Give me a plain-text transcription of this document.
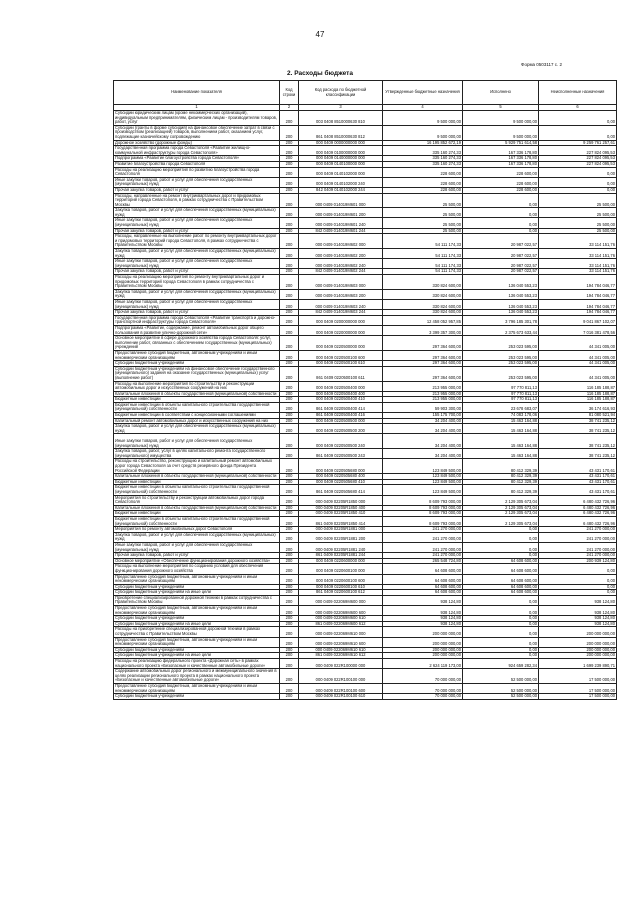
47
Форма 0503117 с. 2
2. Расходы бюджета
Наименование показателя	Код строки	Код расхода по бюджетной классификации	Утвержденные бюджетные назначения	Исполнено	Неисполненные назначения
1	2	3	4	5	6
Субсидии юридическим лицам (кроме некоммерческих организаций), индивидуальным предпринимателям, физическим лицам - производителям товаров, работ, услуг	200	003 0408 8510000630 810	9 500 000,00	9 500 000,00	0,00
Субсидии (гранты в форме субсидий) на финансовое обеспечение затрат в связи с производством (реализацией) товаров, выполнением работ, оказанием услуг, подлежащие казначейскому сопровождению	200	861 0408 8510000630 812	9 500 000,00	9 500 000,00	0,00
Дорожное хозяйство (дорожные фонды)	200	000 0409 0000000000 000	16 195 852 672,19	5 929 751 614,58	9 259 761 257,61
Государственная программа города Севастополя «Развитие жилищно-коммунальной инфраструктуры города Севастополя»	200	000 0409 0100000000 000	335 160 274,33	167 336 178,80	227 824 095,53
Подпрограмма «Развитие благоустройства города Севастополя»	200	000 0409 0140000000 000	335 160 274,33	167 336 178,80	227 824 095,53
Развитие благоустройства города Севастополя	200	000 0409 0140100000 000	335 160 274,33	167 336 178,80	227 824 095,53
Расходы на реализацию мероприятий по развитию благоустройства города Севастополя	200	000 0409 0140102000 000	228 600,00	228 600,00	0,00
Иные закупки товаров, работ и услуг для обеспечения государственных (муниципальных) нужд	200	000 0409 0140102000 240	228 600,00	228 600,00	0,00
Прочая закупка товаров, работ и услуг	200	842 0409 0140102000 244	228 600,00	228 600,00	0,00
Расходы, направленные на ремонт внутриквартальных дорог и придомовых территорий города Севастополя, в рамках сотрудничества с Правительством Москвы	200	000 0409 014019М601 000	25 500,00	0,00	25 500,00
Закупка товаров, работ и услуг для обеспечения государственных (муниципальных) нужд	200	000 0409 014019М601 200	25 500,00	0,00	25 500,00
Иные закупки товаров, работ и услуг для обеспечения государственных (муниципальных) нужд	200	000 0409 014019М601 240	25 500,00	0,00	25 500,00
Прочая закупка товаров, работ и услуг	200	842 0409 014019М601 244	25 500,00	0,00	25 500,00
Расходы, направленные на выполнение работ по ремонту внутриквартальных дорог и придомовых территорий города Севастополя, в рамках сотрудничества с Правительством Москвы	200	000 0409 014019М602 000	54 111 174,33	20 987 022,57	33 114 151,76
Закупка товаров, работ и услуг для обеспечения государственных (муниципальных) нужд	200	000 0409 014019М602 200	54 111 174,33	20 987 022,57	33 114 151,76
Иные закупки товаров, работ и услуг для обеспечения государственных (муниципальных) нужд	200	000 0409 014019М602 240	54 111 174,33	20 987 022,57	33 114 151,76
Прочая закупка товаров, работ и услуг	200	842 0409 014019М602 244	54 111 174,33	20 987 022,57	33 114 151,76
Расходы на реализацию мероприятий по ремонту внутриквартальных дорог и придомовых территорий города Севастополя в рамках сотрудничества с Правительством Москвы	200	000 0409 014019М603 000	330 824 600,00	136 040 553,23	194 784 046,77
Закупка товаров, работ и услуг для обеспечения государственных (муниципальных) нужд	200	000 0409 014019М603 200	330 824 600,00	136 040 553,23	194 784 046,77
Иные закупки товаров, работ и услуг для обеспечения государственных (муниципальных) нужд	200	000 0409 014019М603 240	330 824 600,00	136 040 553,23	194 784 046,77
Прочая закупка товаров, работ и услуг	200	842 0409 014019М603 244	330 824 600,00	136 040 553,23	194 784 046,77
Государственная программа города Севастополя «Развитие транспорта и дорожно-транспортной инфраструктуры города Севастополя»	200	000 0409 0200000000 000	12 458 052 957,85	3 796 185 301,78	9 041 867 102,07
Подпрограмма «Развитие, содержание, ремонт автомобильных дорог общего пользования в развитие улично-дорожной сети»	200	000 0409 0220000000 000	3 399 357 300,00	2 375 673 633,44	7 016 381 478,56
Основное мероприятие в сфере дорожного хозяйства города Севастополя: услуг, выполнение работ, связанных с обеспечением государственных (муниципальных) учреждений	200	000 0409 0220500000 000	297 364 600,00	253 023 595,00	44 341 005,00
Предоставление субсидий бюджетным, автономным учреждениям и иным некоммерческим организациям	200	000 0409 0220500100 600	297 364 600,00	253 023 595,00	44 341 005,00
Субсидии бюджетным учреждениям	200	000 0409 0220500100 610	297 364 600,00	253 023 595,00	44 341 005,00
Субсидии бюджетным учреждениям на финансовое обеспечение государственного (муниципального) задания на оказание государственных (муниципальных) услуг (выполнение работ)	200	861 0409 0220500100 611	297 364 600,00	253 023 595,00	44 341 005,00
Расходы на выполнение мероприятий по строительству и реконструкции автомобильных дорог и искусственных сооружений на них	200	000 0409 0220500400 000	213 955 000,00	97 770 811,13	116 185 188,87
Капитальные вложения в объекты государственной (муниципальной) собственности	200	000 0409 0220500400 400	213 955 000,00	97 770 811,13	116 185 188,87
Бюджетные инвестиции	200	000 0409 0220500400 410	213 955 000,00	97 770 811,13	116 185 188,87
Бюджетные инвестиции в объекты капитального строительства государственной (муниципальной) собственности	200	861 0409 0220500400 414	59 903 300,00	23 678 683,07	36 174 616,93
Бюджетные инвестиции в соответствии с концессионными соглашениями	200	861 0409 0220500400 416	155 175 700,00	74 083 178,06	81 080 521,94
Капитальный ремонт автомобильных дорог и искусственных сооружений на них	200	000 0409 0220500500 000	34 204 400,00	15 463 164,88	38 741 235,12
Закупка товаров, работ и услуг для обеспечения государственных (муниципальных) нужд	200	000 0409 0220500500 200	34 204 400,00	15 463 164,88	38 741 235,12
Иные закупки товаров, работ и услуг для обеспечения государственных (муниципальных) нужд	200	000 0409 0220500500 240	34 204 400,00	15 463 164,88	38 741 235,12
Закупка товаров, работ, услуг в целях капитального ремонта государственного (муниципального) имущества	200	861 0409 0220500500 243	34 204 400,00	15 463 164,88	38 741 235,12
Расходы на строительство, реконструкцию и капитальный ремонт автомобильных дорог города Севастополя за счет средств резервного фонда Президента Российской Федерации	200	000 0409 0220505680 000	123 849 500,00	80 412 329,39	43 431 170,61
Капитальные вложения в объекты государственной (муниципальной) собственности	200	000 0409 0220505680 400	123 849 500,00	80 412 329,39	43 431 170,61
Бюджетные инвестиции	200	000 0409 0220505680 410	123 849 500,00	80 412 329,39	43 431 170,61
Бюджетные инвестиции в объекты капитального строительства государственной (муниципальной) собственности	200	861 0409 0220505680 414	123 849 500,00	80 412 329,39	43 431 170,61
Мероприятия по строительству и реконструкции автомобильных дорог города Севастополя	200	000 0409 02205R1850 000	8 609 793 000,00	2 129 305 673,04	6 480 432 726,96
Капитальные вложения в объекты государственной (муниципальной) собственности	200	000 0409 02205R1850 400	8 609 793 000,00	2 129 305 673,04	6 480 432 726,96
Бюджетные инвестиции	200	000 0409 02205R1850 410	8 609 793 000,00	2 129 305 673,04	6 480 432 726,96
Бюджетные инвестиции в объекты капитального строительства государственной (муниципальной) собственности	200	861 0409 02205R1850 414	8 609 793 000,00	2 129 305 673,04	6 480 432 726,96
Мероприятия по ремонту автомобильных дорог Севастополя	200	000 0409 02205R1881 000	241 270 000,00	0,00	241 270 000,00
Закупка товаров, работ и услуг для обеспечения государственных (муниципальных) нужд	200	000 0409 02205R1881 200	241 270 000,00	0,00	241 270 000,00
Иные закупки товаров, работ и услуг для обеспечения государственных (муниципальных) нужд	200	000 0409 02205R1881 240	241 270 000,00	0,00	241 270 000,00
Прочая закупка товаров, работ и услуг	200	861 0409 02205R1881 244	241 270 000,00	0,00	241 270 000,00
Основное мероприятие «Обеспечение функционирования дорожного хозяйства»	200	000 0409 0220600000 000	265 548 724,80	64 608 600,00	200 939 124,80
Расходы на выполнение мероприятий по созданию условий для обеспечения функционирования дорожного хозяйства	200	000 0409 0220600100 000	64 608 600,00	64 608 600,00	0,00
Предоставление субсидий бюджетным, автономным учреждениям и иным некоммерческим организациям	200	000 0409 0220600100 600	64 608 600,00	64 608 600,00	0,00
Субсидии бюджетным учреждениям	200	000 0409 0220600100 610	64 608 600,00	64 608 600,00	0,00
Субсидии бюджетным учреждениям на иные цели	200	861 0409 0220600100 612	64 608 600,00	64 608 600,00	0,00
Приобретение специализированной дорожной техники в рамках сотрудничества с Правительством Москвы	200	000 0409 022069М600 000	938 124,80	0,00	938 124,80
Предоставление субсидий бюджетным, автономным учреждениям и иным некоммерческим организациям	200	000 0409 022069М600 600	938 124,80	0,00	938 124,80
Субсидии бюджетным учреждениям	200	000 0409 022069М600 610	938 124,80	0,00	938 124,80
Субсидии бюджетным учреждениям на иные цели	200	861 0409 022069М600 612	938 124,80	0,00	938 124,80
Расходы на приобретение специализированной дорожной техники в рамках сотрудничества с Правительством Москвы	200	000 0409 022069М610 000	200 000 000,00	0,00	200 000 000,00
Предоставление субсидий бюджетным, автономным учреждениям и иным некоммерческим организациям	200	000 0409 022069М610 600	200 000 000,00	0,00	200 000 000,00
Субсидии бюджетным учреждениям	200	000 0409 022069М610 610	200 000 000,00	0,00	200 000 000,00
Субсидии бюджетным учреждениям на иные цели	200	861 0409 022069М610 612	200 000 000,00	0,00	200 000 000,00
Расходы на реализацию федерального проекта «Дорожная сеть» в рамках национального проекта «Безопасные и качественные автомобильные дороги»	200	000 0409 022R100000 000	2 624 119 173,00	924 659 282,34	1 699 239 890,71
Содержание автомобильных дорог регионального и межмуниципального значения в целях реализации регионального проекта в рамках национального проекта «Безопасные и качественные автомобильные дороги»	200	000 0409 022R100100 000	70 000 000,00	52 500 000,00	17 500 000,00
Предоставление субсидий бюджетным, автономным учреждениям и иным некоммерческим организациям	200	000 0409 022R100100 600	70 000 000,00	52 500 000,00	17 500 000,00
Субсидии бюджетным учреждениям	200	000 0409 022R100100 610	70 000 000,00	52 500 000,00	17 500 000,00
